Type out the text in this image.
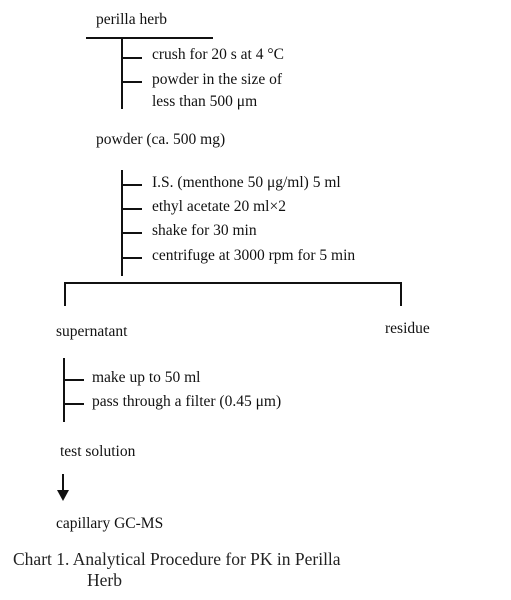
perilla herb
crush for 20 s at 4 °C
powder in the size of
less than 500 μm
powder (ca. 500 mg)
I.S. (menthone 50 μg/ml) 5 ml
ethyl acetate 20 ml×2
shake for 30 min
centrifuge at 3000 rpm for 5 min
supernatant	residue
make up to 50 ml
pass through a filter (0.45 μm)
test solution
capillary GC-MS
Chart 1. Analytical Procedure for PK in Perilla
Herb
